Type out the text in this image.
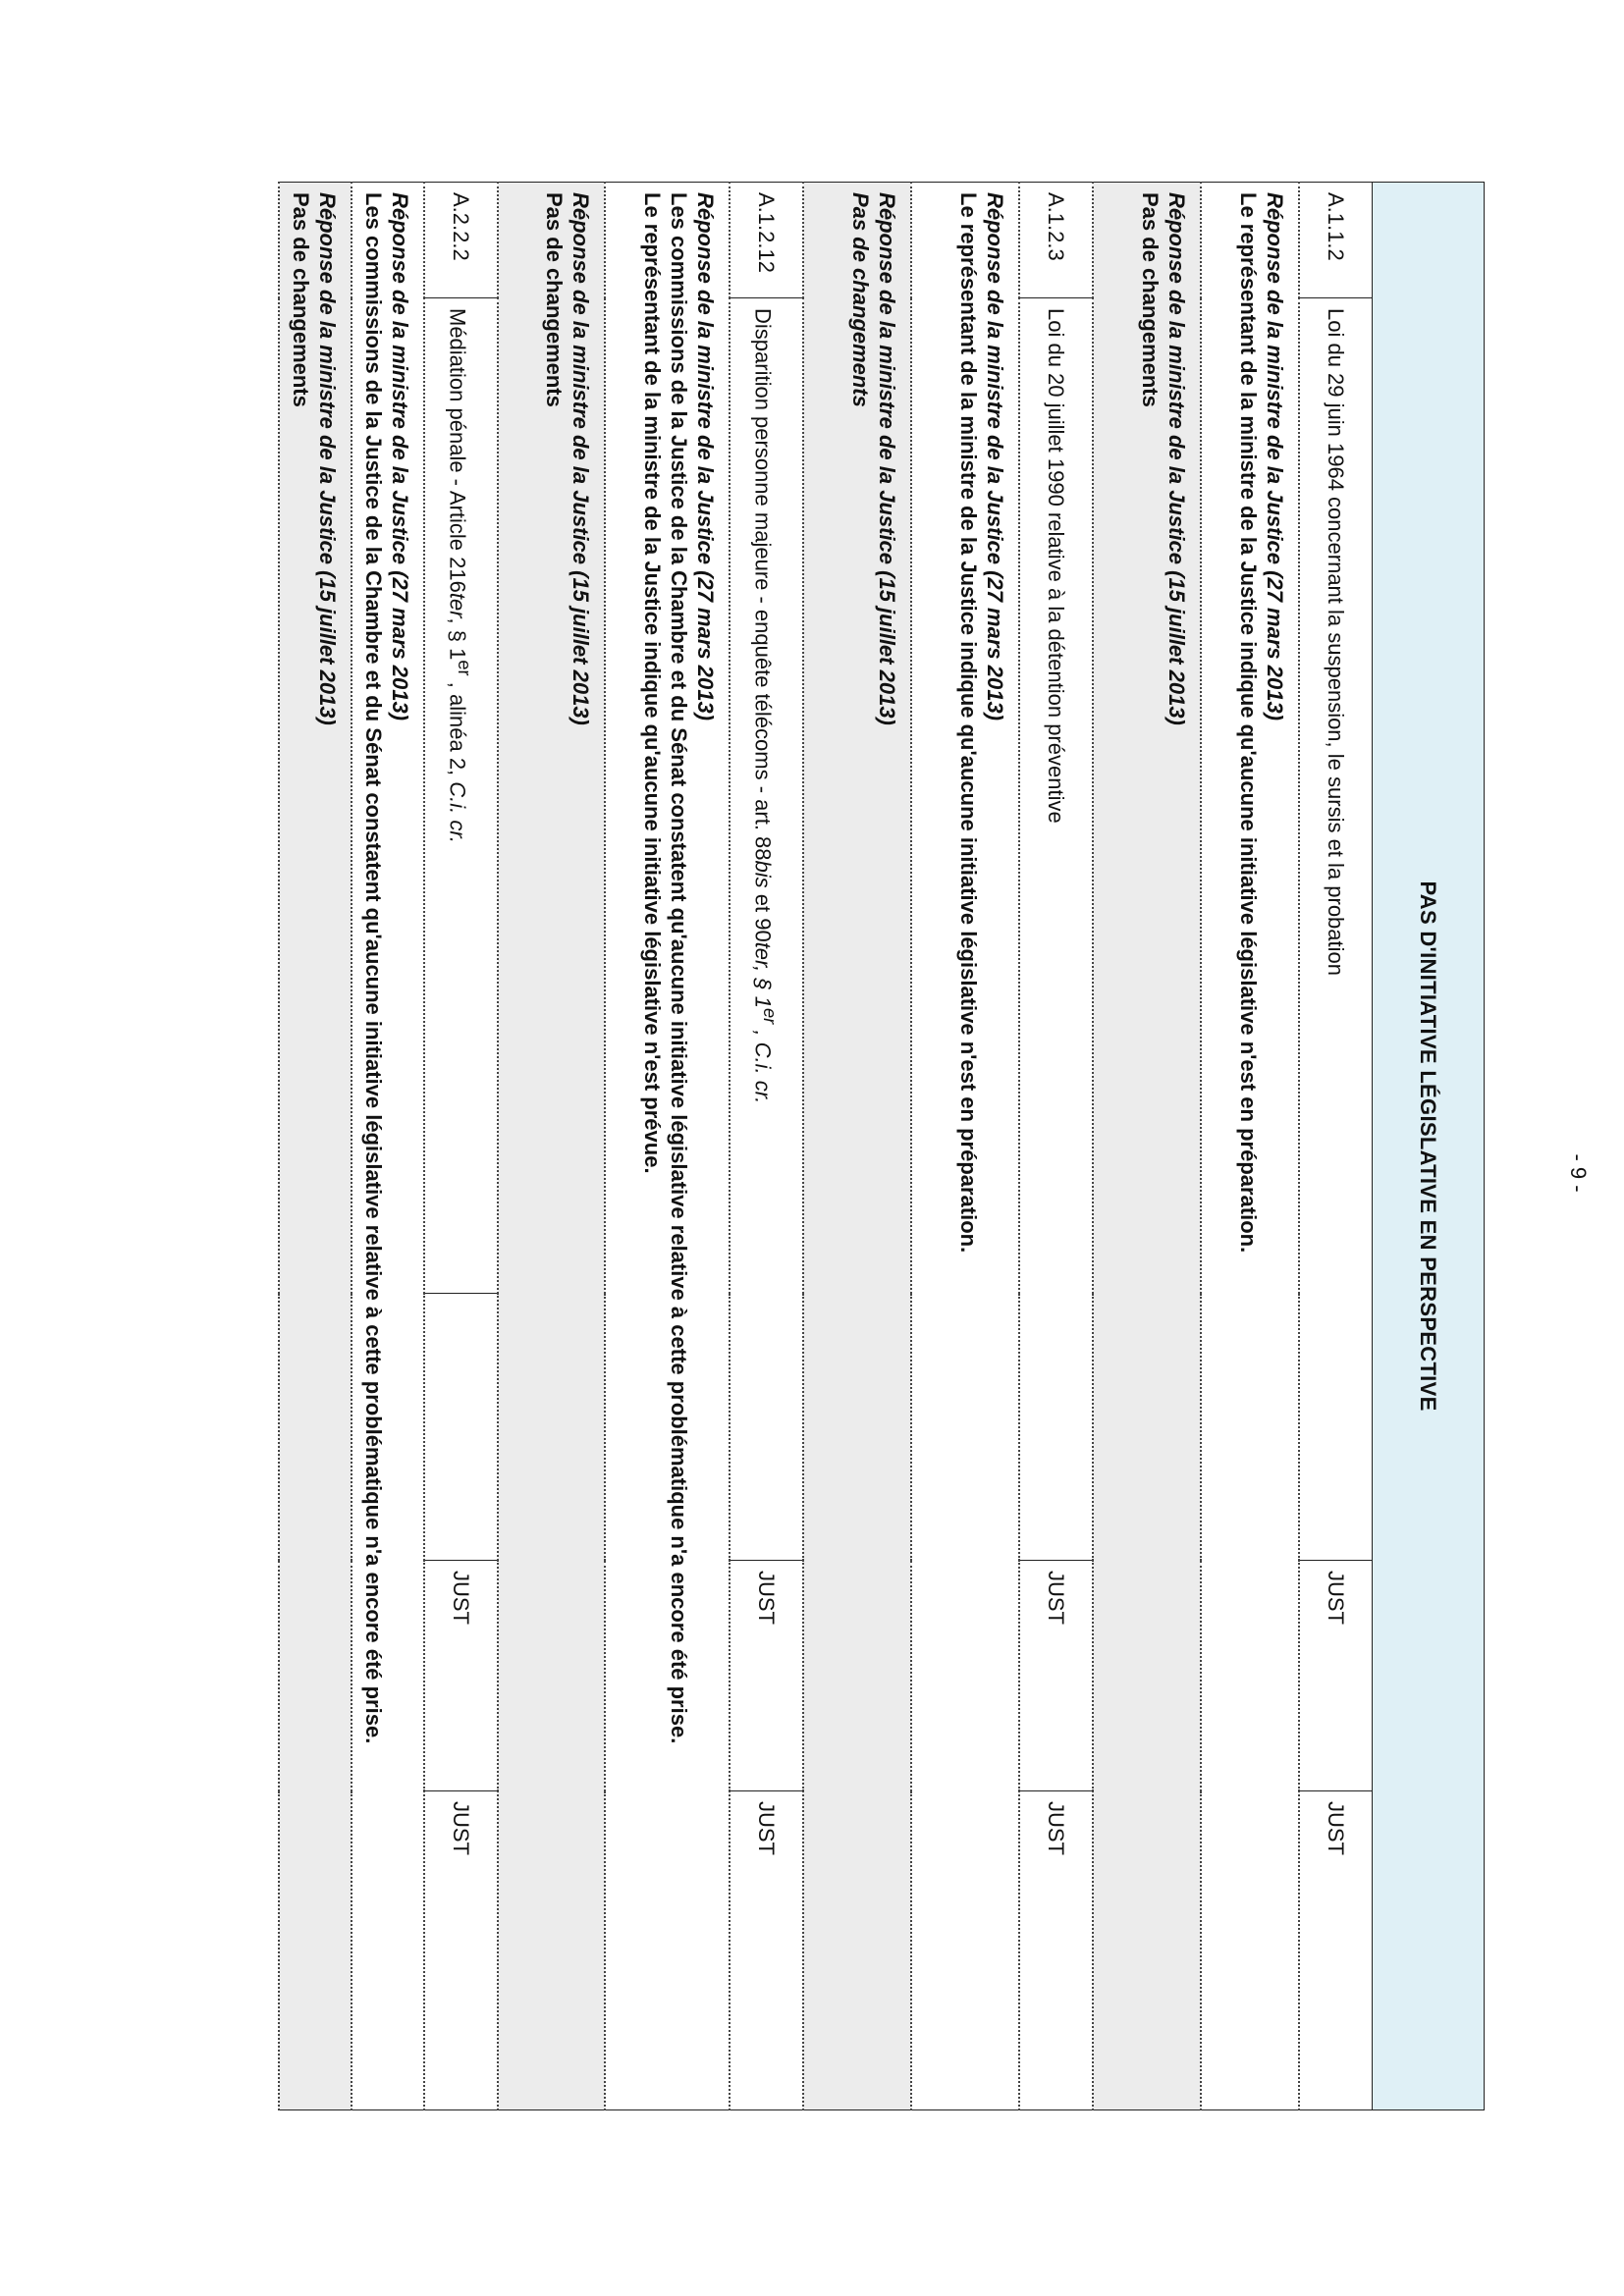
PAS D'INITIATIVE LÉGISLATIVE EN PERSPECTIVE				
A.1.1.2	Loi du 29 juin 1964 concernant la suspension, le sursis et la probation		JUST	JUST

Réponse de la ministre de la Justice (27 mars 2013)
Le représentant de la ministre de la Justice indique qu'aucune initiative législative n'est en préparation.				

Réponse de la ministre de la Justice (15 juillet 2013)
Pas de changements				

A.1.2.3	Loi du 20 juillet 1990 relative à la détention préventive		JUST	JUST

Réponse de la ministre de la Justice (27 mars 2013)
Le représentant de la ministre de la Justice indique qu'aucune initiative législative n'est en préparation.				

Réponse de la ministre de la Justice (15 juillet 2013)
Pas de changements				

A.1.2.12	Disparition personne majeure - enquête télécoms - art. 88bis et 90ter, § 1er , C.i. cr.		JUST	JUST

Réponse de la ministre de la Justice (27 mars 2013)
Les commissions de la Justice de la Chambre et du Sénat constatent qu'aucune initiative législative relative à cette problématique n'a encore été prise.
Le représentant de la ministre de la Justice indique qu'aucune initiative législative n'est prévue.				

Réponse de la ministre de la Justice (15 juillet 2013)
Pas de changements				

A.2.2.2	Médiation pénale - Article 216ter, § 1er , alinéa 2, C.i. cr.		JUST	JUST

Réponse de la ministre de la Justice (27 mars 2013)
Les commissions de la Justice de la Chambre et du Sénat constatent qu'aucune initiative législative relative à cette problématique n'a encore été prise.				

Réponse de la ministre de la Justice (15 juillet 2013)
Pas de changements				
- 9 -
